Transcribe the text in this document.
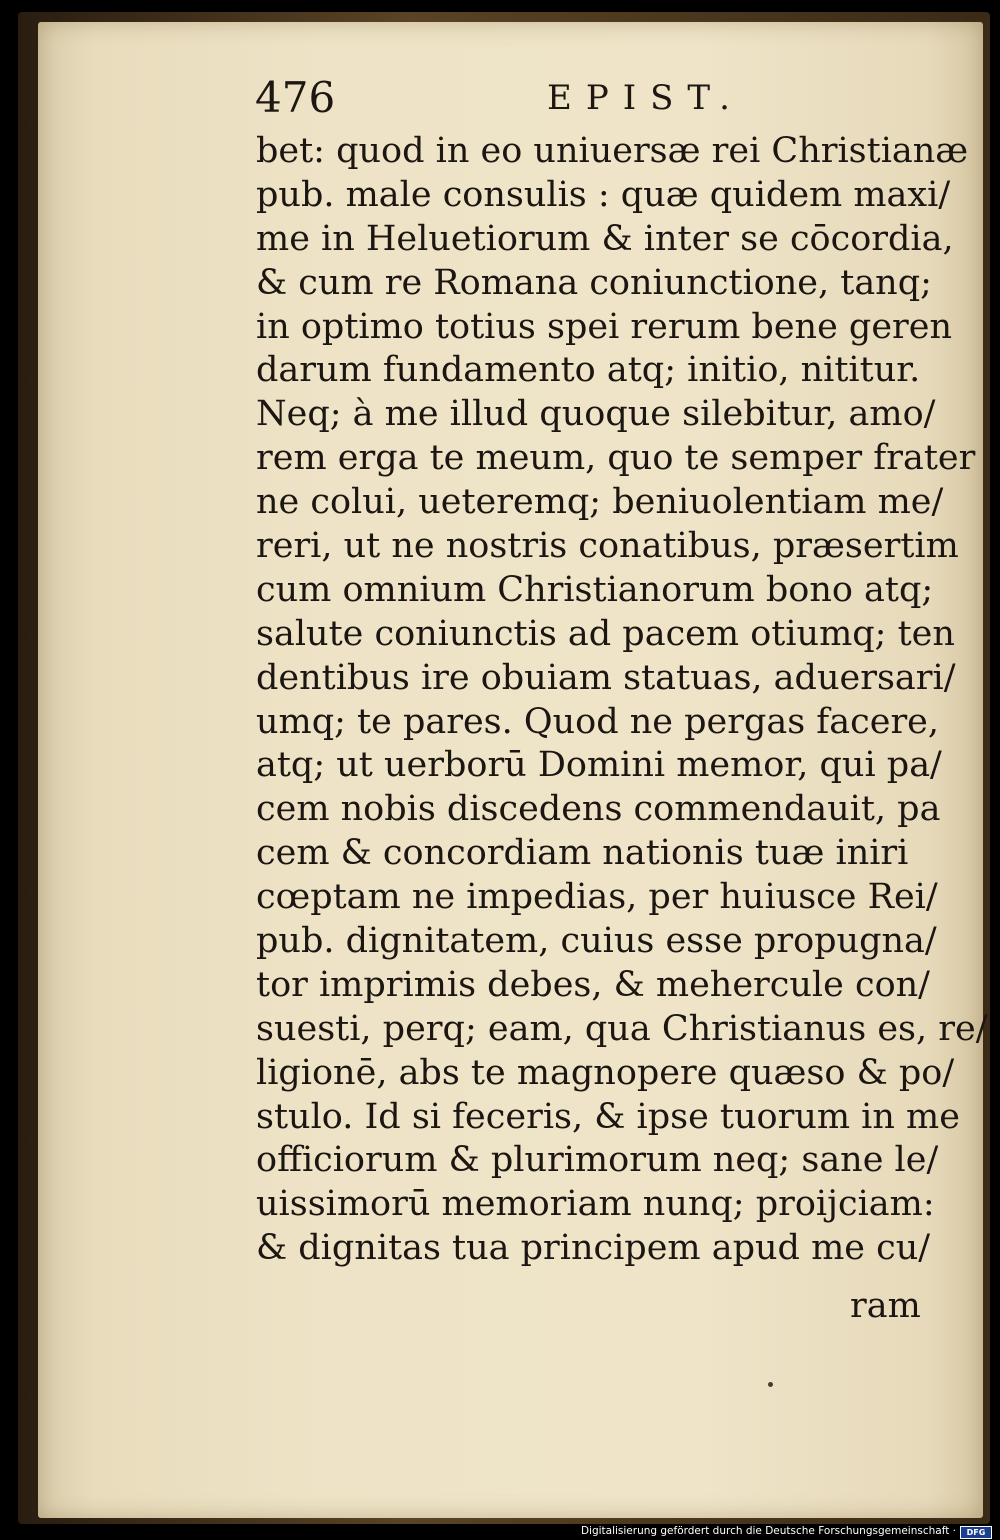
476	EPIST.
bet: quod in eo uniuersæ rei Christianæ
pub. male consulis : quæ quidem maxi/
me in Heluetiorum & inter se cōcordia,
& cum re Romana coniunctione, tanq;
in optimo totius spei rerum bene geren
darum fundamento atq; initio, nititur.
Neq; à me illud quoque silebitur, amo/
rem erga te meum, quo te semper frater
ne colui, ueteremq; beniuolentiam me/
reri, ut ne nostris conatibus, præsertim
cum omnium Christianorum bono atq;
salute coniunctis ad pacem otiumq; ten
dentibus ire obuiam statuas, aduersari/
umq; te pares. Quod ne pergas facere,
atq; ut uerborū Domini memor, qui pa/
cem nobis discedens commendauit, pa
cem & concordiam nationis tuæ iniri
cœptam ne impedias, per huiusce Rei/
pub. dignitatem, cuius esse propugna/
tor imprimis debes, & mehercule con/
suesti, perq; eam, qua Christianus es, re/
ligionē, abs te magnopere quæso & po/
stulo. Id si feceris, & ipse tuorum in me
officiorum & plurimorum neq; sane le/
uissimorū memoriam nunq; proijciam:
& dignitas tua principem apud me cu/
ram
Digitalisierung gefördert durch die Deutsche Forschungsgemeinschaft ·	DFG
